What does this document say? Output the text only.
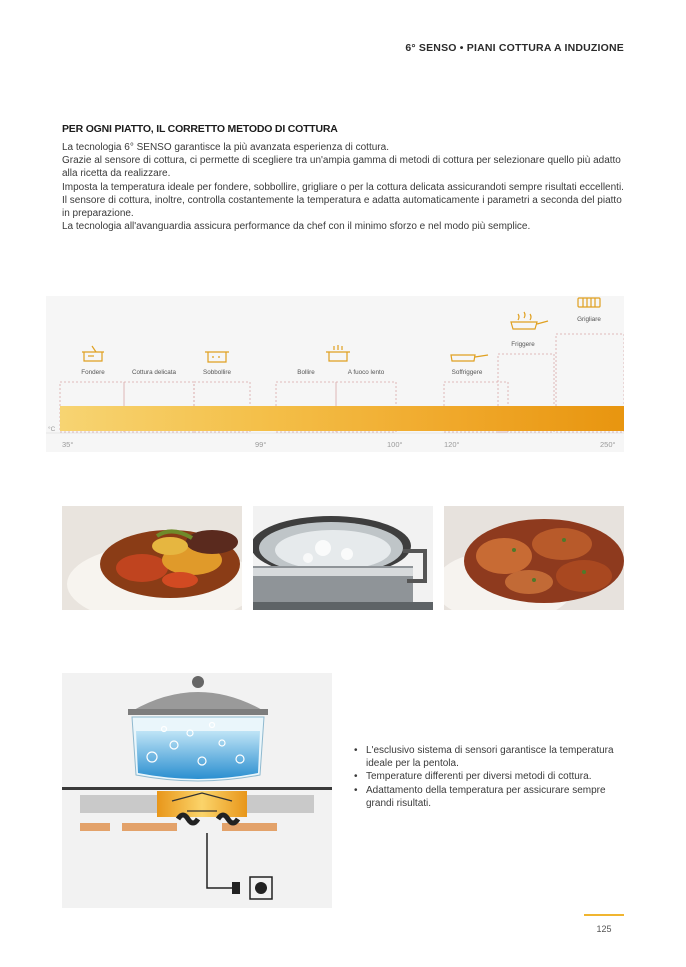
6° SENSO • PIANI COTTURA A INDUZIONE
PER OGNI PIATTO, IL CORRETTO METODO DI COTTURA

La tecnologia 6° SENSO garantisce la più avanzata esperienza di cottura.

Grazie al sensore di cottura, ci permette di scegliere tra un'ampia gamma di metodi di cottura per selezionare quello più adatto alla ricetta da realizzare.

Imposta la temperatura ideale per fondere, sobbollire, grigliare o per la cottura delicata assicurandoti sempre risultati eccellenti.

Il sensore di cottura, inoltre, controlla costantemente la temperatura e adatta automaticamente i parametri a seconda del piatto in preparazione.

La tecnologia all'avanguardia assicura performance da chef con il minimo sforzo e nel modo più semplice.

°C
Fondere	Cottura delicata	Sobbollire	Bollire	A fuoco lento	Soffriggere
Friggere
Grigliare
35°	99°	100°	120°	250°
• L'esclusivo sistema di sensori garantisce la temperatura ideale per la pentola.
• Temperature differenti per diversi metodi di cottura.
• Adattamento della temperatura per assicurare sempre grandi risultati.
125
